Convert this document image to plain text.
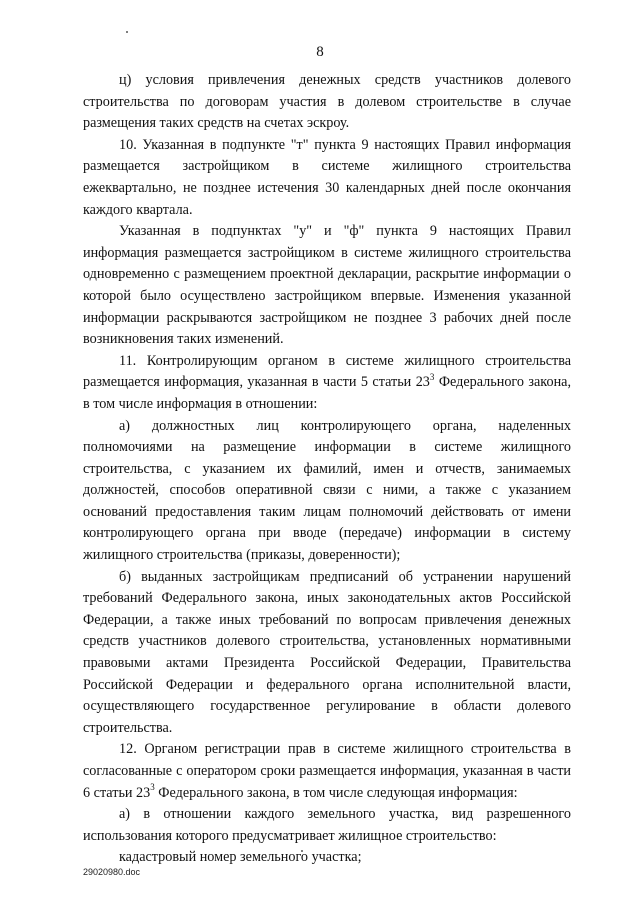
8

ц) условия привлечения денежных средств участников долевого строительства по договорам участия в долевом строительстве в случае размещения таких средств на счетах эскроу.

10. Указанная в подпункте "т" пункта 9 настоящих Правил информация размещается застройщиком в системе жилищного строительства ежеквартально, не позднее истечения 30 календарных дней после окончания каждого квартала.

Указанная в подпунктах "у" и "ф" пункта 9 настоящих Правил информация размещается застройщиком в системе жилищного строительства одновременно с размещением проектной декларации, раскрытие информации о которой было осуществлено застройщиком впервые. Изменения указанной информации раскрываются застройщиком не позднее 3 рабочих дней после возникновения таких изменений.

11. Контролирующим органом в системе жилищного строительства размещается информация, указанная в части 5 статьи $23^3$ Федерального закона, в том числе информация в отношении:

а) должностных лиц контролирующего органа, наделенных полномочиями на размещение информации в системе жилищного строительства, с указанием их фамилий, имен и отчеств, занимаемых должностей, способов оперативной связи с ними, а также с указанием оснований предоставления таким лицам полномочий действовать от имени контролирующего органа при вводе (передаче) информации в систему жилищного строительства (приказы, доверенности);

б) выданных застройщикам предписаний об устранении нарушений требований Федерального закона, иных законодательных актов Российской Федерации, а также иных требований по вопросам привлечения денежных средств участников долевого строительства, установленных нормативными правовыми актами Президента Российской Федерации, Правительства Российской Федерации и федерального органа исполнительной власти, осуществляющего государственное регулирование в области долевого строительства.

12. Органом регистрации прав в системе жилищного строительства в согласованные с оператором сроки размещается информация, указанная в части 6 статьи $23^3$ Федерального закона, в том числе следующая информация:

а) в отношении каждого земельного участка, вид разрешенного использования которого предусматривает жилищное строительство:

кадастровый номер земельного участка;

29020980.doc
